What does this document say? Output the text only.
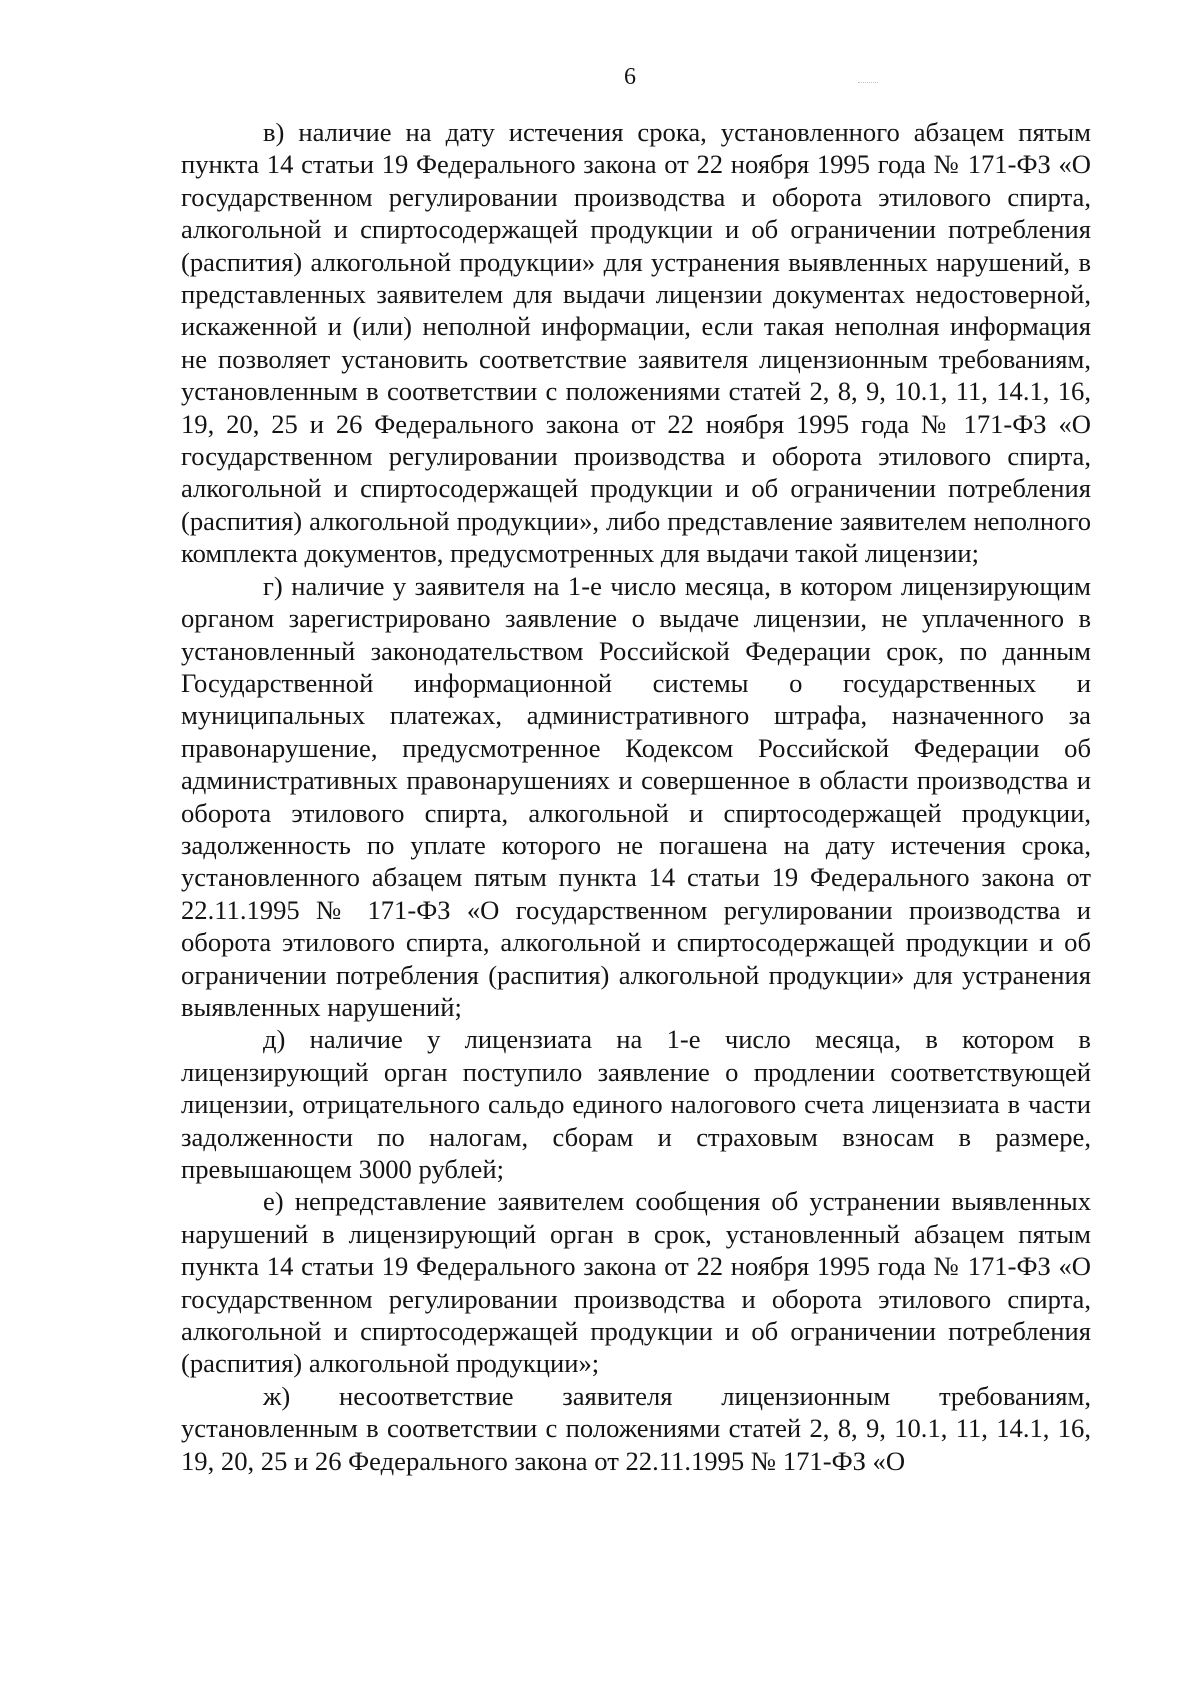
6

в) наличие на дату истечения срока, установленного абзацем пятым пункта 14 статьи 19 Федерального закона от 22 ноября 1995 года № 171-ФЗ «О государственном регулировании производства и оборота этилового спирта, алкогольной и спиртосодержащей продукции и об ограничении потребления (распития) алкогольной продукции» для устранения выявленных нарушений, в представленных заявителем для выдачи лицензии документах недостоверной, искаженной и (или) неполной информации, если такая неполная информация не позволяет установить соответствие заявителя лицензионным требованиям, установленным в соответствии с положениями статей 2, 8, 9, 10.1, 11, 14.1, 16, 19, 20, 25 и 26 Федерального закона от 22 ноября 1995 года № 171-ФЗ «О государственном регулировании производства и оборота этилового спирта, алкогольной и спиртосодержащей продукции и об ограничении потребления (распития) алкогольной продукции», либо представление заявителем неполного комплекта документов, предусмотренных для выдачи такой лицензии;

г) наличие у заявителя на 1-е число месяца, в котором лицензирующим органом зарегистрировано заявление о выдаче лицензии, не уплаченного в установленный законодательством Российской Федерации срок, по данным Государственной информационной системы о государственных и муниципальных платежах, административного штрафа, назначенного за правонарушение, предусмотренное Кодексом Российской Федерации об административных правонарушениях и совершенное в области производства и оборота этилового спирта, алкогольной и спиртосодержащей продукции, задолженность по уплате которого не погашена на дату истечения срока, установленного абзацем пятым пункта 14 статьи 19 Федерального закона от 22.11.1995 № 171-ФЗ «О государственном регулировании производства и оборота этилового спирта, алкогольной и спиртосодержащей продукции и об ограничении потребления (распития) алкогольной продукции» для устранения выявленных нарушений;

д) наличие у лицензиата на 1-е число месяца, в котором в лицензирующий орган поступило заявление о продлении соответствующей лицензии, отрицательного сальдо единого налогового счета лицензиата в части задолженности по налогам, сборам и страховым взносам в размере, превышающем 3000 рублей;

е) непредставление заявителем сообщения об устранении выявленных нарушений в лицензирующий орган в срок, установленный абзацем пятым пункта 14 статьи 19 Федерального закона от 22 ноября 1995 года № 171-ФЗ «О государственном регулировании производства и оборота этилового спирта, алкогольной и спиртосодержащей продукции и об ограничении потребления (распития) алкогольной продукции»;

ж) несоответствие заявителя лицензионным требованиям, установленным в соответствии с положениями статей 2, 8, 9, 10.1, 11, 14.1, 16, 19, 20, 25 и 26 Федерального закона от 22.11.1995 № 171-ФЗ «О
